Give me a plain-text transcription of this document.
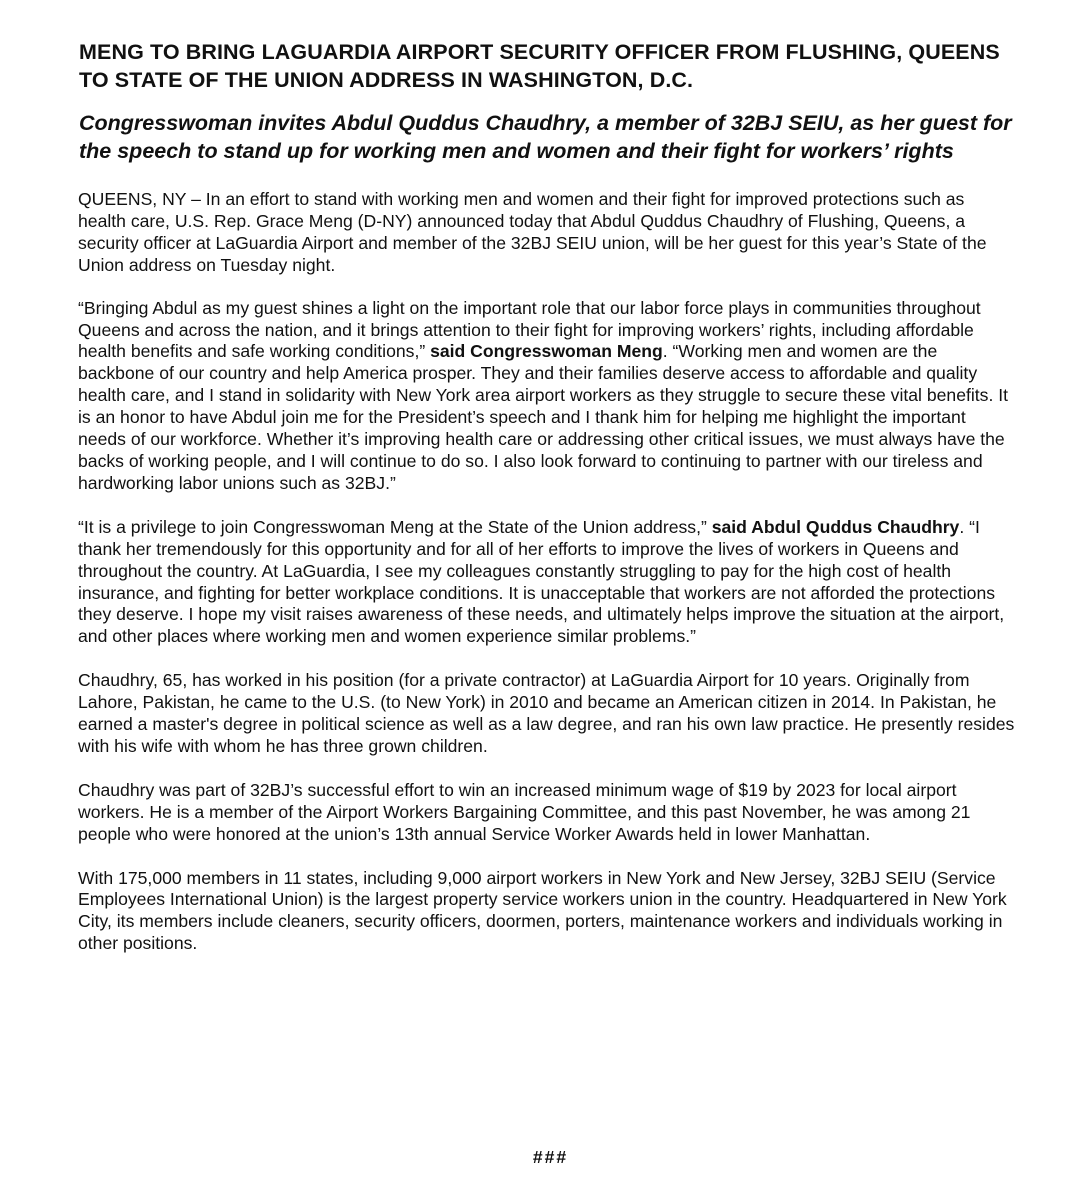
MENG TO BRING LAGUARDIA AIRPORT SECURITY OFFICER FROM FLUSHING, QUEENS TO STATE OF THE UNION ADDRESS IN WASHINGTON, D.C.
Congresswoman invites Abdul Quddus Chaudhry, a member of 32BJ SEIU, as her guest for the speech to stand up for working men and women and their fight for workers’ rights

QUEENS, NY – In an effort to stand with working men and women and their fight for improved protections such as health care, U.S. Rep. Grace Meng (D-NY) announced today that Abdul Quddus Chaudhry of Flushing, Queens, a security officer at LaGuardia Airport and member of the 32BJ SEIU union, will be her guest for this year’s State of the Union address on Tuesday night.

“Bringing Abdul as my guest shines a light on the important role that our labor force plays in communities throughout Queens and across the nation, and it brings attention to their fight for improving workers’ rights, including affordable health benefits and safe working conditions,” said Congresswoman Meng. “Working men and women are the backbone of our country and help America prosper. They and their families deserve access to affordable and quality health care, and I stand in solidarity with New York area airport workers as they struggle to secure these vital benefits. It is an honor to have Abdul join me for the President’s speech and I thank him for helping me highlight the important needs of our workforce. Whether it’s improving health care or addressing other critical issues, we must always have the backs of working people, and I will continue to do so. I also look forward to continuing to partner with our tireless and hardworking labor unions such as 32BJ.”

“It is a privilege to join Congresswoman Meng at the State of the Union address,” said Abdul Quddus Chaudhry. “I thank her tremendously for this opportunity and for all of her efforts to improve the lives of workers in Queens and throughout the country. At LaGuardia, I see my colleagues constantly struggling to pay for the high cost of health insurance, and fighting for better workplace conditions. It is unacceptable that workers are not afforded the protections they deserve. I hope my visit raises awareness of these needs, and ultimately helps improve the situation at the airport, and other places where working men and women experience similar problems.”

Chaudhry, 65, has worked in his position (for a private contractor) at LaGuardia Airport for 10 years. Originally from Lahore, Pakistan, he came to the U.S. (to New York) in 2010 and became an American citizen in 2014. In Pakistan, he earned a master's degree in political science as well as a law degree, and ran his own law practice. He presently resides with his wife with whom he has three grown children.

Chaudhry was part of 32BJ’s successful effort to win an increased minimum wage of $19 by 2023 for local airport workers. He is a member of the Airport Workers Bargaining Committee, and this past November, he was among 21 people who were honored at the union’s 13th annual Service Worker Awards held in lower Manhattan.

With 175,000 members in 11 states, including 9,000 airport workers in New York and New Jersey, 32BJ SEIU (Service Employees International Union) is the largest property service workers union in the country. Headquartered in New York City, its members include cleaners, security officers, doormen, porters, maintenance workers and individuals working in other positions.

###
